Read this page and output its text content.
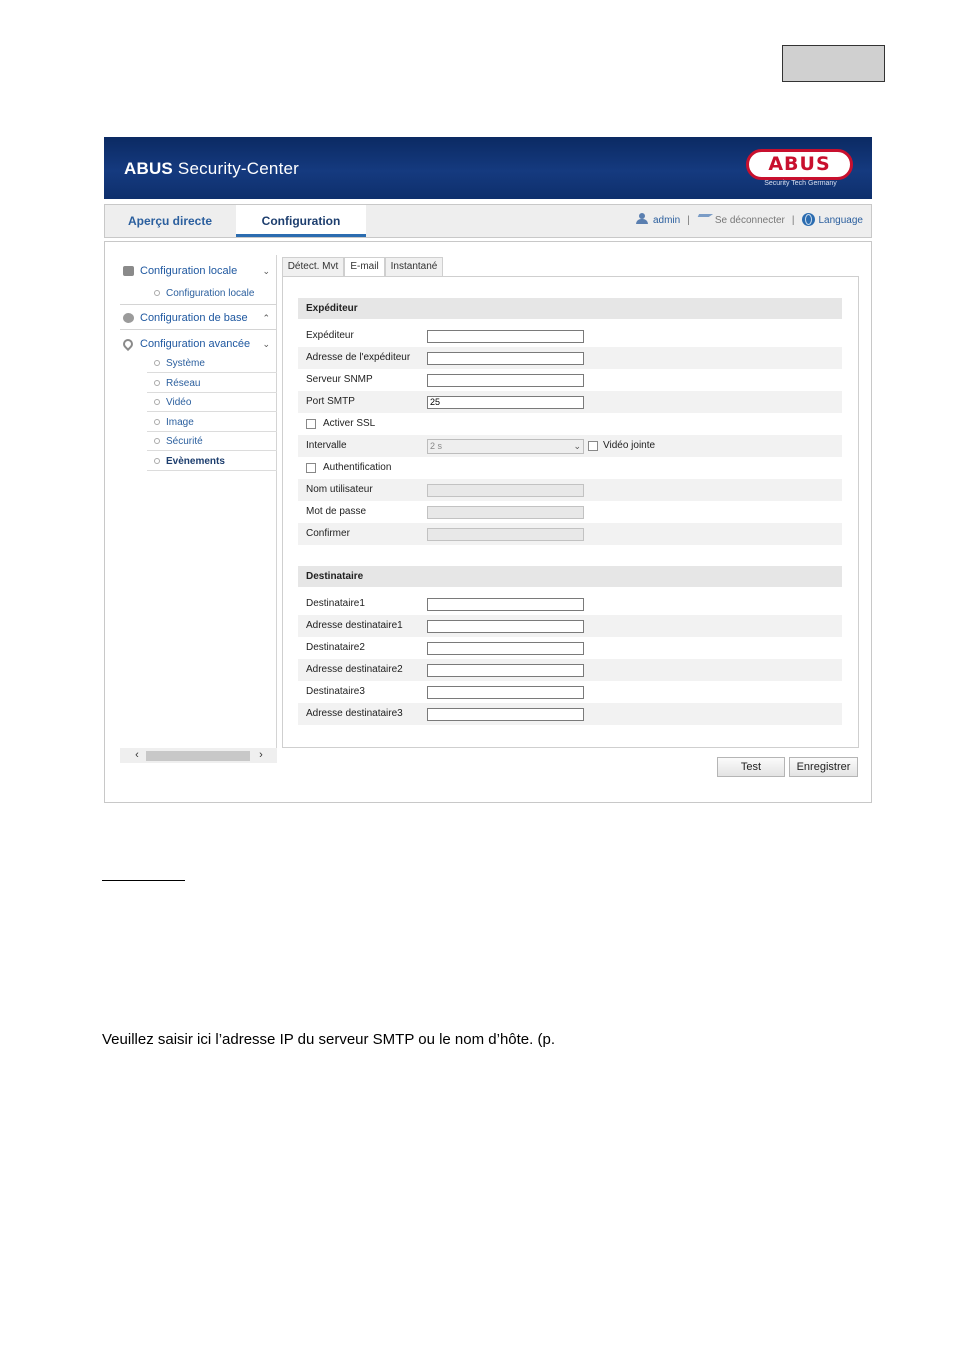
ABUS Security-Center	ABUS
Security Tech Germany
Aperçu directe	Configuration	admin |	Se déconnecter | Language
Configuration locale	⌄
Configuration locale
Configuration de base ⌃
Configuration avancée ⌄
Système
Réseau
Vidéo
Image
Sécurité
Evènements
‹	›
Détect. Mvt	E-mail	Instantané
Expéditeur
Expéditeur
Adresse de l'expéditeur
Serveur SNMP
Port SMTP	25
Activer SSL
Intervalle	2 s	⌄ Vidéo jointe
Authentification
Nom utilisateur
Mot de passe
Confirmer
Destinataire
Destinataire1
Adresse destinataire1
Destinataire2
Adresse destinataire2
Destinataire3
Adresse destinataire3
Test	Enregistrer
Veuillez saisir ici l’adresse IP du serveur SMTP ou le nom d’hôte. (p.
